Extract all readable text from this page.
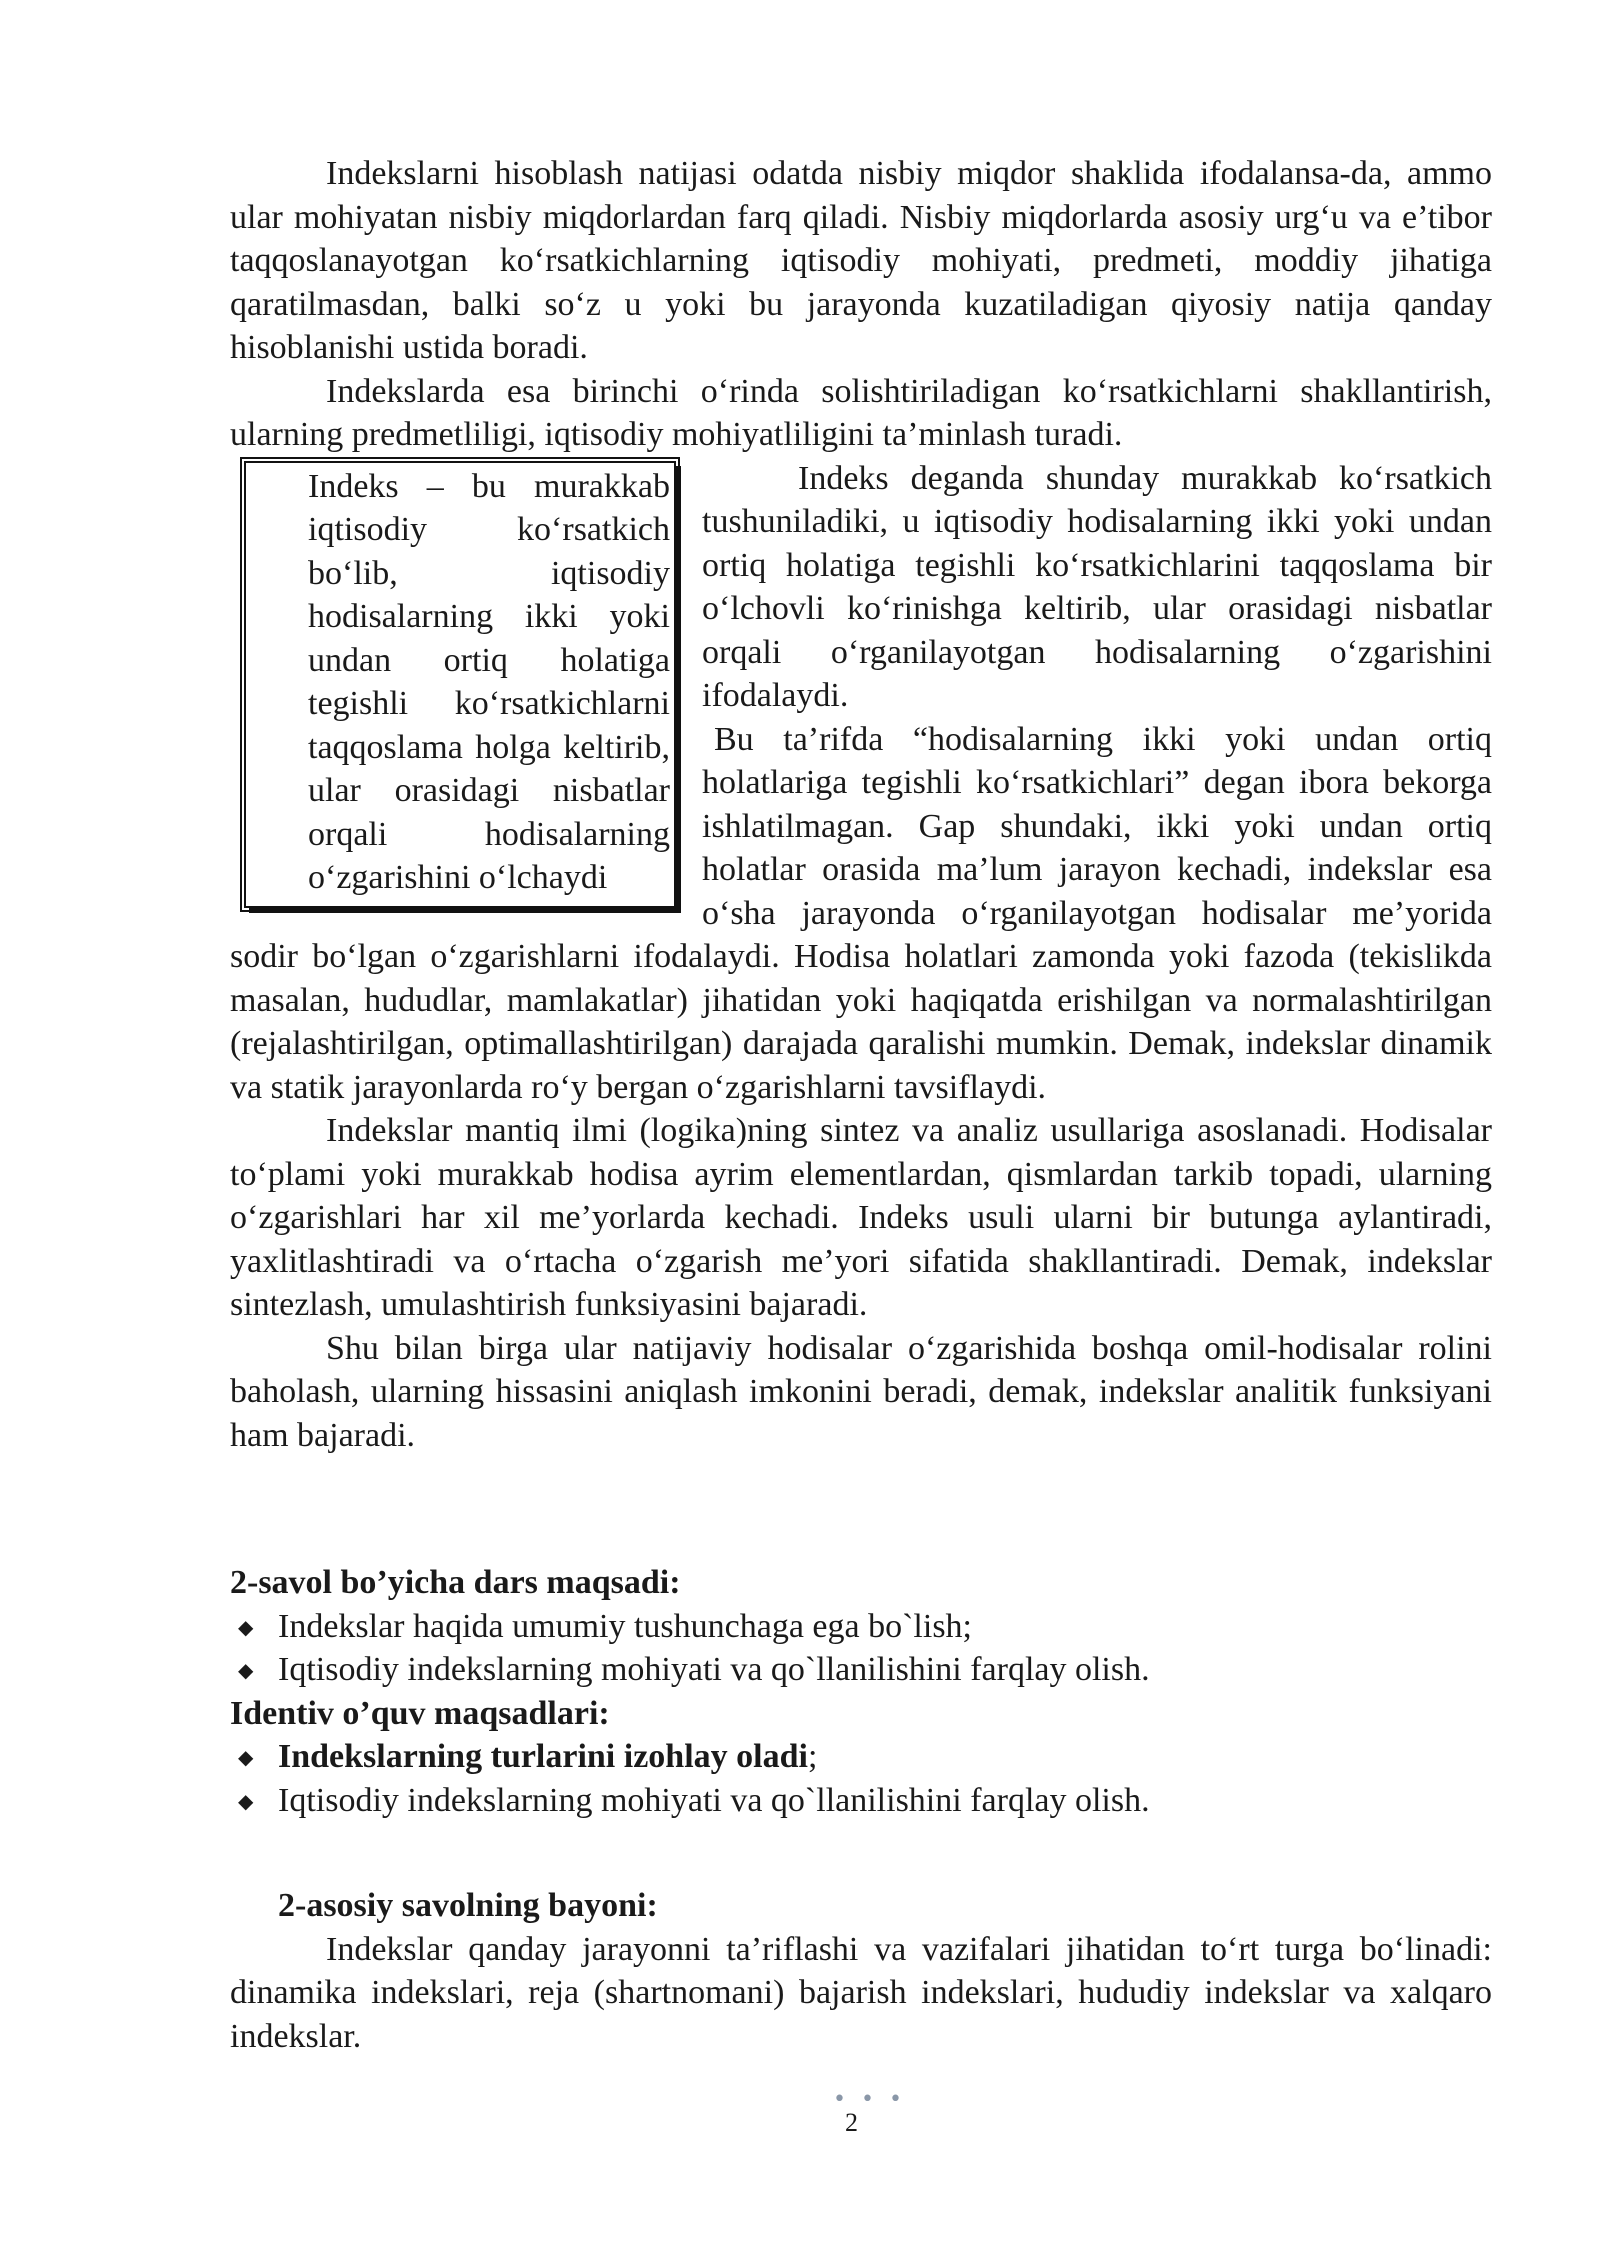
Indekslarni hisoblash natijasi odatda nisbiy miqdor shaklida ifodalansa-da, ammo ular mohiyatan nisbiy miqdorlardan farq qiladi. Nisbiy miqdorlarda asosiy urg‘u va e’tibor taqqoslanayotgan ko‘rsatkichlarning iqtisodiy mohiyati, predmeti, moddiy jihatiga qaratilmasdan, balki so‘z u yoki bu jarayonda kuzatiladigan qiyosiy natija qanday hisoblanishi ustida boradi.

Indekslarda esa birinchi o‘rinda solishtiriladigan ko‘rsatkichlarni shakllantirish, ularning predmetliligi, iqtisodiy mohiyatliligini ta’minlash turadi.

Indeks – bu murakkab iqtisodiy ko‘rsatkich bo‘lib, iqtisodiy hodisalarning ikki yoki undan ortiq holatiga tegishli ko‘rsatkichlarni taqqoslama holga keltirib, ular orasidagi nisbatlar orqali hodisalarning o‘zgarishini o‘lchaydi

Indeks deganda shunday murakkab ko‘rsatkich tushuniladiki, u iqtisodiy hodisalarning ikki yoki undan ortiq holatiga tegishli ko‘rsatkichlarini taqqoslama bir o‘lchovli ko‘rinishga keltirib, ular orasidagi nisbatlar orqali o‘rganilayotgan hodisalarning o‘zgarishini ifodalaydi.

Bu ta’rifda “hodisalarning ikki yoki undan ortiq holatlariga tegishli ko‘rsatkichlari” degan ibora bekorga ishlatilmagan. Gap shundaki, ikki yoki undan ortiq holatlar orasida ma’lum jarayon kechadi, indekslar esa o‘sha jarayonda o‘rganilayotgan hodisalar me’yorida sodir bo‘lgan o‘zgarishlarni ifodalaydi. Hodisa holatlari zamonda yoki fazoda (tekislikda masalan, hududlar, mamlakatlar) jihatidan yoki haqiqatda erishilgan va normalashtirilgan (rejalashtirilgan, optimallashtirilgan) darajada qaralishi mumkin. Demak, indekslar dinamik va statik jarayonlarda ro‘y bergan o‘zgarishlarni tavsiflaydi.

Indekslar mantiq ilmi (logika)ning sintez va analiz usullariga asoslanadi. Hodisalar to‘plami yoki murakkab hodisa ayrim elementlardan, qismlardan tarkib topadi, ularning o‘zgarishlari har xil me’yorlarda kechadi. Indeks usuli ularni bir butunga aylantiradi, yaxlitlashtiradi va o‘rtacha o‘zgarish me’yori sifatida shakllantiradi. Demak, indekslar sintezlash, umulashtirish funksiyasini bajaradi.

Shu bilan birga ular natijaviy hodisalar o‘zgarishida boshqa omil-hodisalar rolini baholash, ularning hissasini aniqlash imkonini beradi, demak, indekslar analitik funksiyani ham bajaradi.

2-savol bo’yicha dars maqsadi:
◆ Indekslar haqida umumiy tushunchaga ega bo`lish;
◆ Iqtisodiy indekslarning mohiyati va qo`llanilishini farqlay olish.
Identiv o’quv maqsadlari:
◆ Indekslarning turlarini izohlay oladi;
◆ Iqtisodiy indekslarning mohiyati va qo`llanilishini farqlay olish.
2-asosiy savolning bayoni:

Indekslar qanday jarayonni ta’riflashi va vazifalari jihatidan to‘rt turga bo‘linadi: dinamika indekslari, reja (shartnomani) bajarish indekslari, hududiy indekslar va xalqaro indekslar.

• • •
2
